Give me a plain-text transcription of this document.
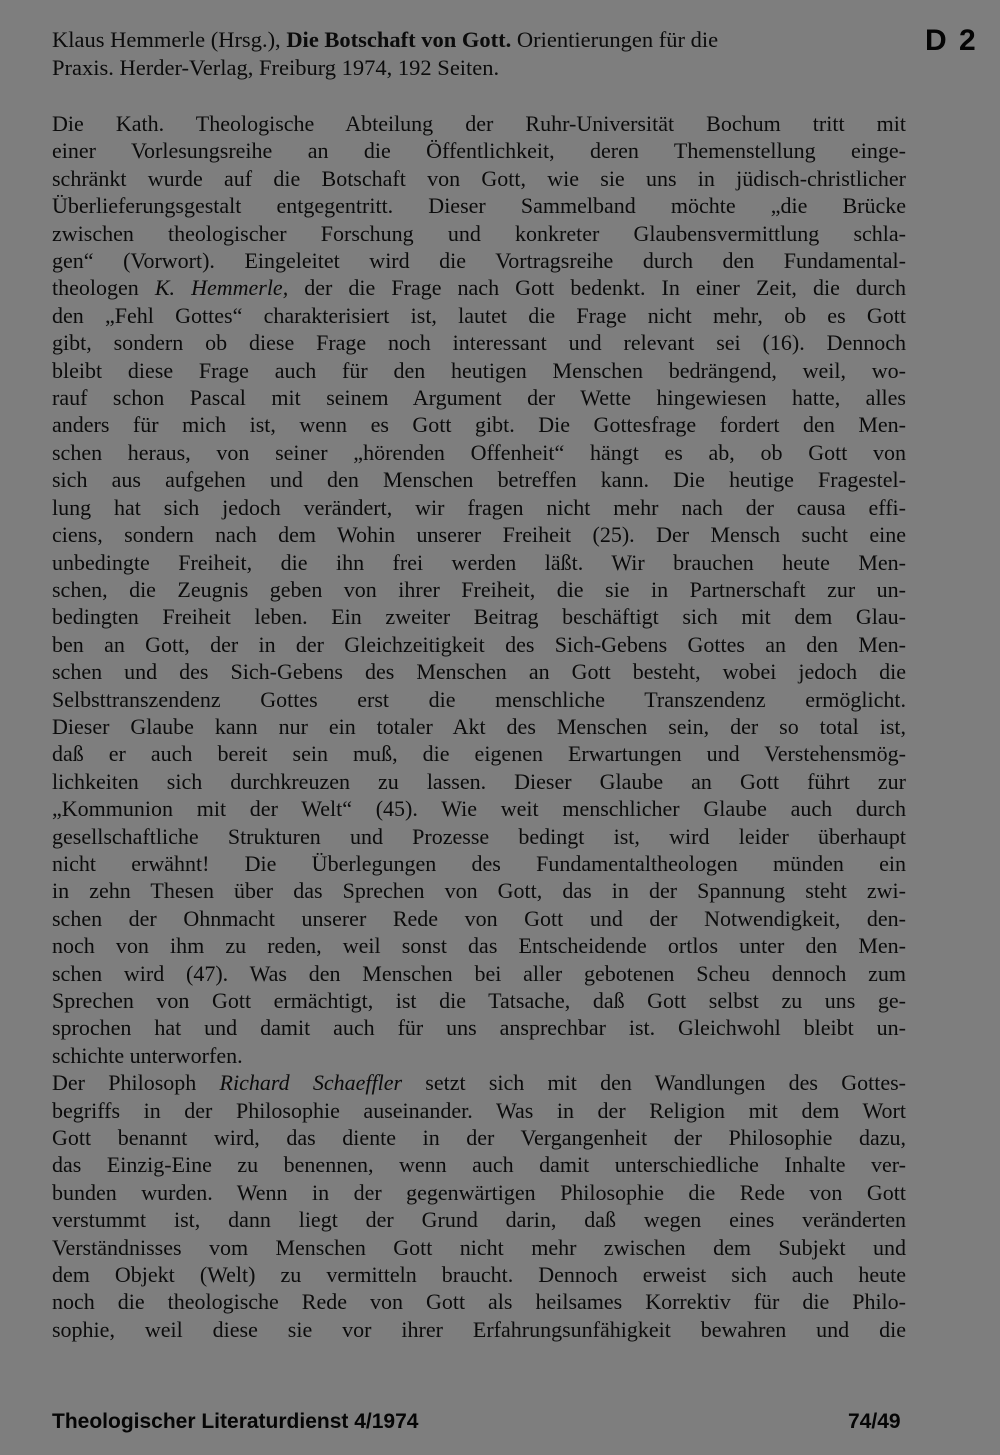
Klaus Hemmerle (Hrsg.), Die Botschaft von Gott. Orientierungen für die
Praxis. Herder-Verlag, Freiburg 1974, 192 Seiten.
D 2

Die Kath. Theologische Abteilung der Ruhr-Universität Bochum tritt mit

einer Vorlesungsreihe an die Öffentlichkeit, deren Themenstellung einge-

schränkt wurde auf die Botschaft von Gott, wie sie uns in jüdisch-christlicher

Überlieferungsgestalt entgegentritt. Dieser Sammelband möchte „die Brücke

zwischen theologischer Forschung und konkreter Glaubensvermittlung schla-

gen“ (Vorwort). Eingeleitet wird die Vortragsreihe durch den Fundamental-

theologen K. Hemmerle, der die Frage nach Gott bedenkt. In einer Zeit, die durch

den „Fehl Gottes“ charakterisiert ist, lautet die Frage nicht mehr, ob es Gott

gibt, sondern ob diese Frage noch interessant und relevant sei (16). Dennoch

bleibt diese Frage auch für den heutigen Menschen bedrängend, weil, wo-

rauf schon Pascal mit seinem Argument der Wette hingewiesen hatte, alles

anders für mich ist, wenn es Gott gibt. Die Gottesfrage fordert den Men-

schen heraus, von seiner „hörenden Offenheit“ hängt es ab, ob Gott von

sich aus aufgehen und den Menschen betreffen kann. Die heutige Fragestel-

lung hat sich jedoch verändert, wir fragen nicht mehr nach der causa effi-

ciens, sondern nach dem Wohin unserer Freiheit (25). Der Mensch sucht eine

unbedingte Freiheit, die ihn frei werden läßt. Wir brauchen heute Men-

schen, die Zeugnis geben von ihrer Freiheit, die sie in Partnerschaft zur un-

bedingten Freiheit leben. Ein zweiter Beitrag beschäftigt sich mit dem Glau-

ben an Gott, der in der Gleichzeitigkeit des Sich-Gebens Gottes an den Men-

schen und des Sich-Gebens des Menschen an Gott besteht, wobei jedoch die

Selbsttranszendenz Gottes erst die menschliche Transzendenz ermöglicht.

Dieser Glaube kann nur ein totaler Akt des Menschen sein, der so total ist,

daß er auch bereit sein muß, die eigenen Erwartungen und Verstehensmög-

lichkeiten sich durchkreuzen zu lassen. Dieser Glaube an Gott führt zur

„Kommunion mit der Welt“ (45). Wie weit menschlicher Glaube auch durch

gesellschaftliche Strukturen und Prozesse bedingt ist, wird leider überhaupt

nicht erwähnt! Die Überlegungen des Fundamentaltheologen münden ein

in zehn Thesen über das Sprechen von Gott, das in der Spannung steht zwi-

schen der Ohnmacht unserer Rede von Gott und der Notwendigkeit, den-

noch von ihm zu reden, weil sonst das Entscheidende ortlos unter den Men-

schen wird (47). Was den Menschen bei aller gebotenen Scheu dennoch zum

Sprechen von Gott ermächtigt, ist die Tatsache, daß Gott selbst zu uns ge-

sprochen hat und damit auch für uns ansprechbar ist. Gleichwohl bleibt un-

schichte unterworfen.

Der Philosoph Richard Schaeffler setzt sich mit den Wandlungen des Gottes-

begriffs in der Philosophie auseinander. Was in der Religion mit dem Wort

Gott benannt wird, das diente in der Vergangenheit der Philosophie dazu,

das Einzig-Eine zu benennen, wenn auch damit unterschiedliche Inhalte ver-

bunden wurden. Wenn in der gegenwärtigen Philosophie die Rede von Gott

verstummt ist, dann liegt der Grund darin, daß wegen eines veränderten

Verständnisses vom Menschen Gott nicht mehr zwischen dem Subjekt und

dem Objekt (Welt) zu vermitteln braucht. Dennoch erweist sich auch heute

noch die theologische Rede von Gott als heilsames Korrektiv für die Philo-

sophie, weil diese sie vor ihrer Erfahrungsunfähigkeit bewahren und die

Theologischer Literaturdienst 4/1974	74/49
